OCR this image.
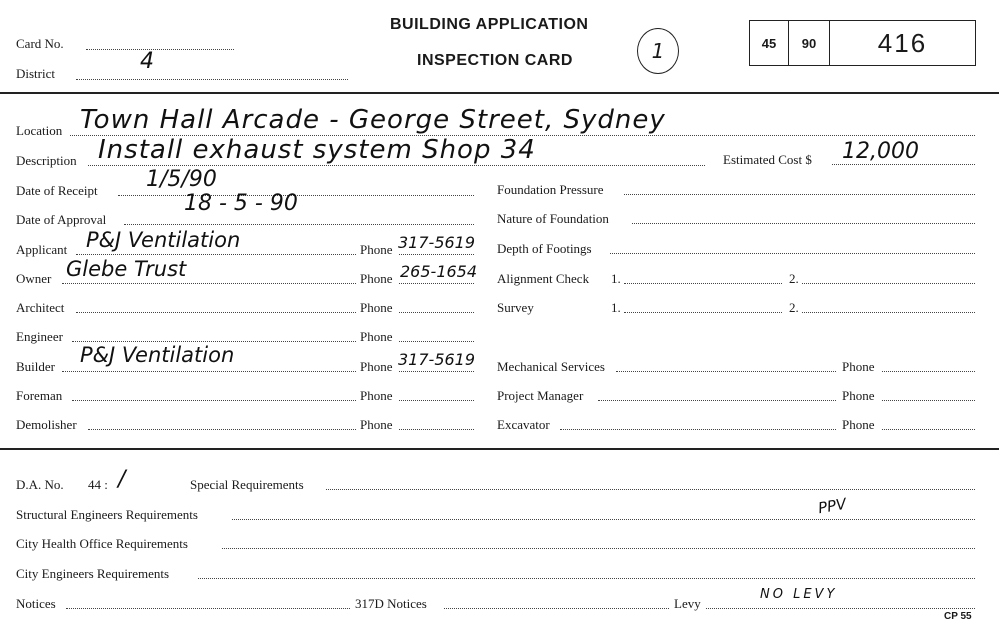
Card No.
District	4
BUILDING APPLICATION
INSPECTION CARD	1	45	90	416
Location Town Hall Arcade - George Street, Sydney
Description Install exhaust system Shop 34	Estimated Cost $ 12,000
Date of Receipt 1/5/90
Date of Approval
18 - 5 - 90
Applicant P&J Ventilation	Phone 317-5619
Owner Glebe Trust	Phone 265-1654
Architect	Phone
Engineer	Phone
Builder P&J Ventilation	Phone 317-5619
Foreman	Phone
Demolisher	Phone
Foundation Pressure
Nature of Foundation
Depth of Footings
Alignment Check 1.	2.
Survey	1.	2.
Mechanical Services	Phone
Project Manager	Phone
Excavator	Phone
D.A. No. 44 : /	Special Requirements
Structural Engineers Requirements	PPV
City Health Office Requirements
City Engineers Requirements
Notices	317D Notices	Levy
NO LEVY
CP 55
